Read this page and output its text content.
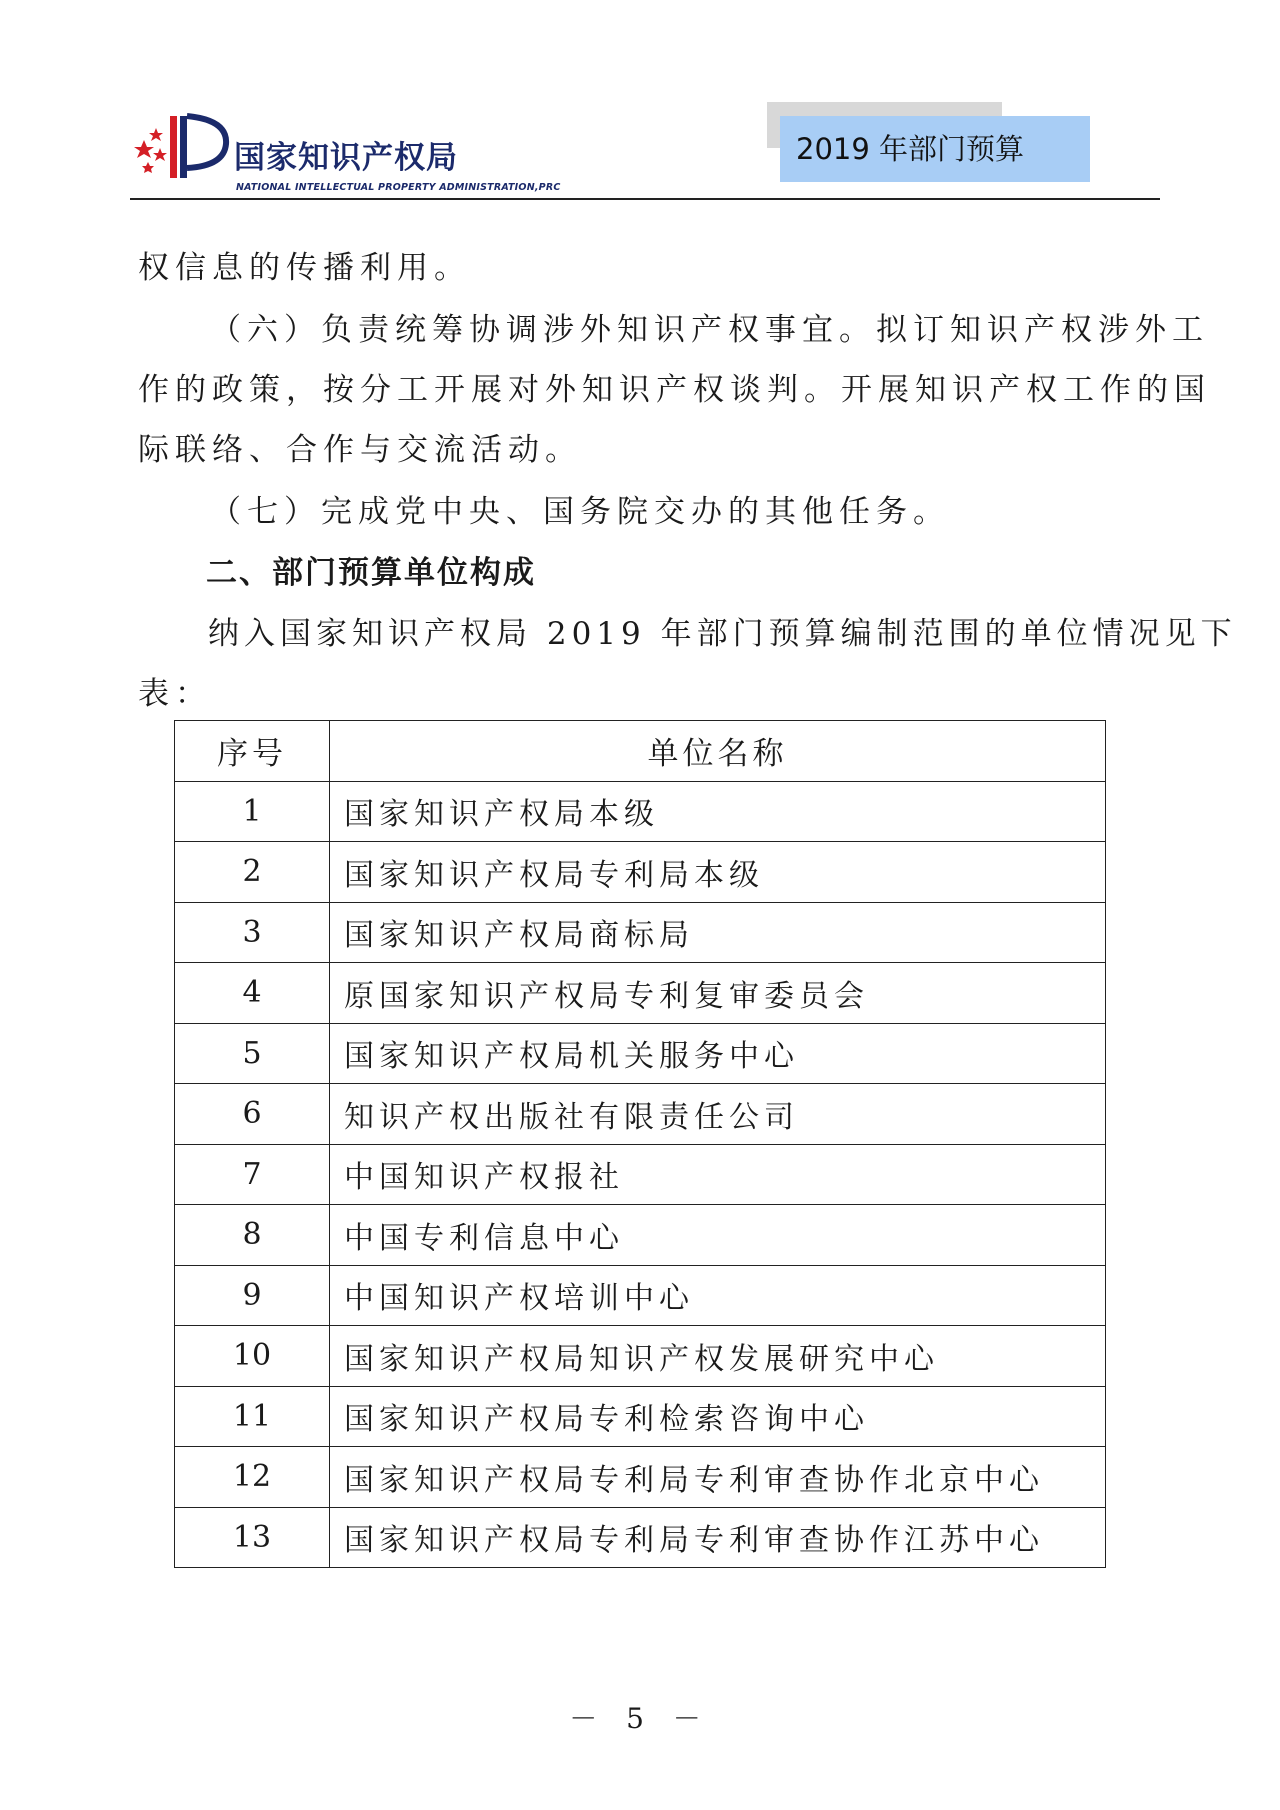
国家知识产权局
NATIONAL INTELLECTUAL PROPERTY ADMINISTRATION,PRC
2019 年部门预算

权信息的传播利用。

（六）负责统筹协调涉外知识产权事宜。拟订知识产权涉外工

作的政策，按分工开展对外知识产权谈判。开展知识产权工作的国

际联络、合作与交流活动。

（七）完成党中央、国务院交办的其他任务。

二、部门预算单位构成

纳入国家知识产权局 2019 年部门预算编制范围的单位情况见下

表：

序号	单位名称
1	国家知识产权局本级
2	国家知识产权局专利局本级
3	国家知识产权局商标局
4	原国家知识产权局专利复审委员会
5	国家知识产权局机关服务中心
6	知识产权出版社有限责任公司
7	中国知识产权报社
8	中国专利信息中心
9	中国知识产权培训中心
10	国家知识产权局知识产权发展研究中心
11	国家知识产权局专利检索咨询中心
12	国家知识产权局专利局专利审查协作北京中心
13	国家知识产权局专利局专利审查协作江苏中心
－ 5 －
